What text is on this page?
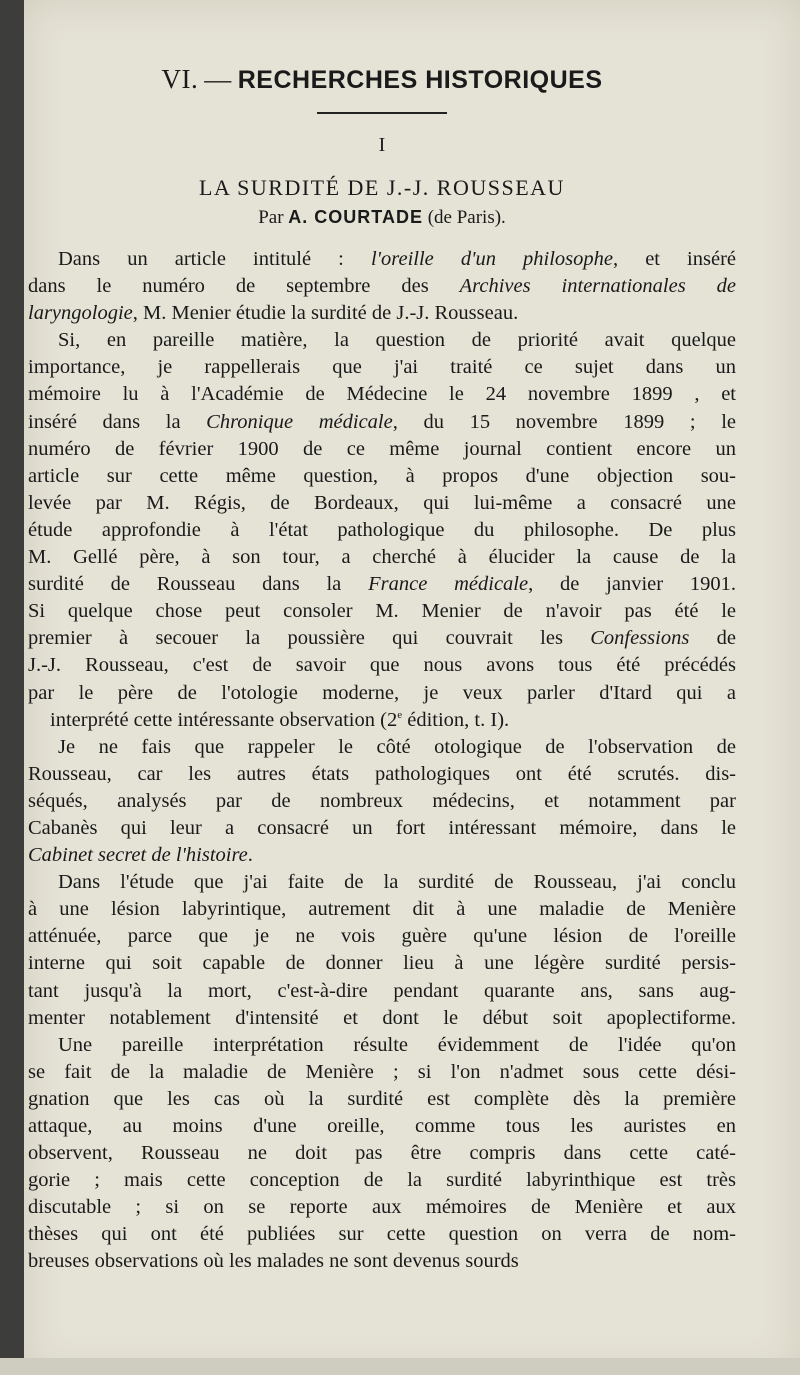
VI. — RECHERCHES HISTORIQUES
I
LA SURDITÉ DE J.-J. ROUSSEAU
Par A. COURTADE (de Paris).
Dans un article intitulé : l'oreille d'un philosophe, et inséré
dans le numéro de septembre des Archives internationales de
laryngologie, M. Menier étudie la surdité de J.-J. Rousseau.
Si, en pareille matière, la question de priorité avait quelque
importance, je rappellerais que j'ai traité ce sujet dans un
mémoire lu à l'Académie de Médecine le 24 novembre 1899 , et
inséré dans la Chronique médicale, du 15 novembre 1899 ; le
numéro de février 1900 de ce même journal contient encore un
article sur cette même question, à propos d'une objection sou-
levée par M. Régis, de Bordeaux, qui lui-même a consacré une
étude approfondie à l'état pathologique du philosophe. De plus
M. Gellé père, à son tour, a cherché à élucider la cause de la
surdité de Rousseau dans la France médicale, de janvier 1901.
Si quelque chose peut consoler M. Menier de n'avoir pas été le
premier à secouer la poussière qui couvrait les Confessions de
J.-J. Rousseau, c'est de savoir que nous avons tous été précédés
par le père de l'otologie moderne, je veux parler d'Itard qui a
interprété cette intéressante observation (2e édition, t. I).
Je ne fais que rappeler le côté otologique de l'observation de
Rousseau, car les autres états pathologiques ont été scrutés. dis-
séqués, analysés par de nombreux médecins, et notamment par
Cabanès qui leur a consacré un fort intéressant mémoire, dans le
Cabinet secret de l'histoire.
Dans l'étude que j'ai faite de la surdité de Rousseau, j'ai conclu
à une lésion labyrintique, autrement dit à une maladie de Menière
atténuée, parce que je ne vois guère qu'une lésion de l'oreille
interne qui soit capable de donner lieu à une légère surdité persis-
tant jusqu'à la mort, c'est-à-dire pendant quarante ans, sans aug-
menter notablement d'intensité et dont le début soit apoplectiforme.
Une pareille interprétation résulte évidemment de l'idée qu'on
se fait de la maladie de Menière ; si l'on n'admet sous cette dési-
gnation que les cas où la surdité est complète dès la première
attaque, au moins d'une oreille, comme tous les auristes en
observent, Rousseau ne doit pas être compris dans cette caté-
gorie ; mais cette conception de la surdité labyrinthique est très
discutable ; si on se reporte aux mémoires de Menière et aux
thèses qui ont été publiées sur cette question on verra de nom-
breuses observations où les malades ne sont devenus sourds
